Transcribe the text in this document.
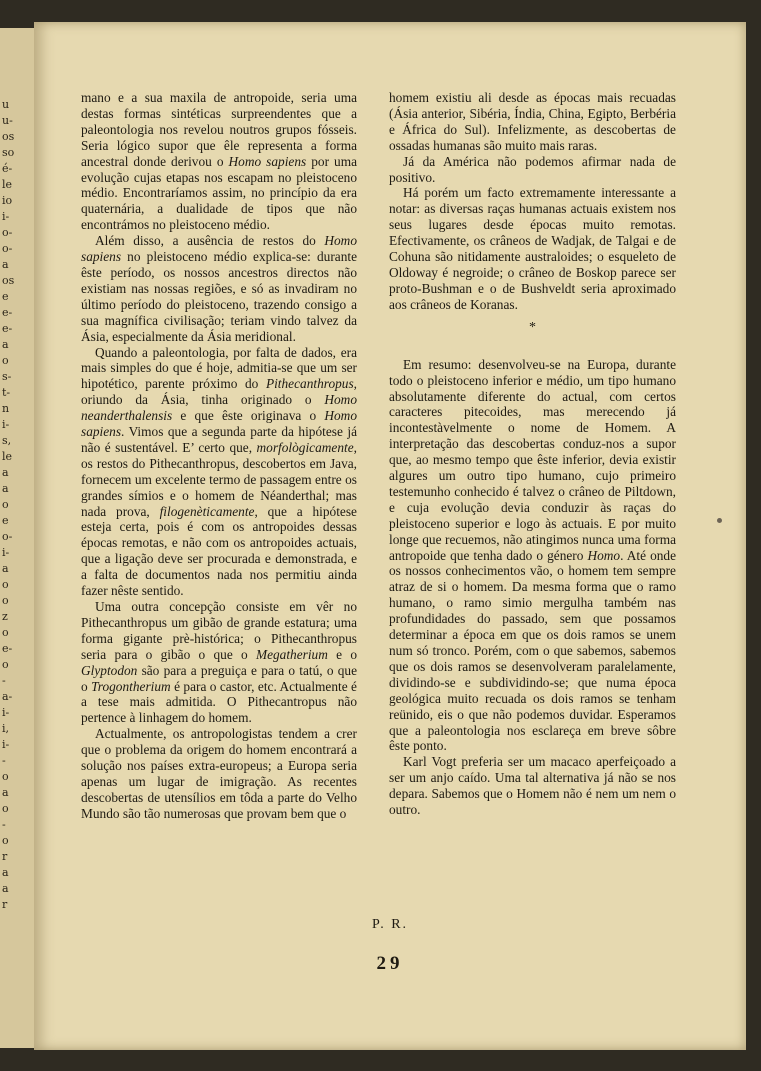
u
u-
os
so
é-
le
io
i-
o-
o-
a
os
e
e-
e-
a
o
s-
t-
n
i-
s,
le
a
a
o
e
o-
i-
a
o
o
z
o
e-
o
-
a-
i-
i,
i-
-
o
a
o
-
o
r
a
a
r

mano e a sua maxila de antropoide, seria uma destas formas sintéticas surpreendentes que a paleontologia nos revelou noutros grupos fósseis. Seria lógico supor que êle representa a forma ancestral donde derivou o Homo sapiens por uma evolução cujas etapas nos escapam no pleistoceno médio. Encontraríamos assim, no princípio da era quaternária, a dualidade de tipos que não encontrámos no pleistoceno médio.

Além disso, a ausência de restos do Homo sapiens no pleistoceno médio explica-se: durante êste período, os nossos ancestros directos não existiam nas nossas regiões, e só as invadiram no último período do pleistoceno, trazendo consigo a sua magnífica civilisação; teriam vindo talvez da Ásia, especialmente da Ásia meridional.

Quando a paleontologia, por falta de dados, era mais simples do que é hoje, admitia-se que um ser hipotético, parente próximo do Pithecanthropus, oriundo da Ásia, tinha originado o Homo neanderthalensis e que êste originava o Homo sapiens. Vimos que a segunda parte da hipótese já não é sustentável. E’ certo que, morfològicamente, os restos do Pithecanthropus, descobertos em Java, fornecem um excelente termo de passagem entre os grandes símios e o homem de Néanderthal; mas nada prova, filogenèticamente, que a hipótese esteja certa, pois é com os antropoides dessas épocas remotas, e não com os antropoides actuais, que a ligação deve ser procurada e demonstrada, e a falta de documentos nada nos permitiu ainda fazer nêste sentido.

Uma outra concepção consiste em vêr no Pithecanthropus um gibão de grande estatura; uma forma gigante prè-histórica; o Pithecanthropus seria para o gibão o que o Megatherium e o Glyptodon são para a preguiça e para o tatú, o que o Trogontherium é para o castor, etc. Actualmente é a tese mais admitida. O Pithecantropus não pertence à linhagem do homem.

Actualmente, os antropologistas tendem a crer que o problema da origem do homem encontrará a solução nos países extra-europeus; a Europa seria apenas um lugar de imigração. As recentes descobertas de utensílios em tôda a parte do Velho Mundo são tão numerosas que provam bem que o

homem existiu ali desde as épocas mais recuadas (Ásia anterior, Sibéria, Índia, China, Egipto, Berbéria e África do Sul). Infelizmente, as descobertas de ossadas humanas são muito mais raras.

Já da América não podemos afirmar nada de positivo.

Há porém um facto extremamente interessante a notar: as diversas raças humanas actuais existem nos seus lugares desde épocas muito remotas. Efectivamente, os crâneos de Wadjak, de Talgai e de Cohuna são nitidamente australoides; o esqueleto de Oldoway é negroide; o crâneo de Boskop parece ser proto-Bushman e o de Bushveldt seria aproximado aos crâneos de Koranas.

*

Em resumo: desenvolveu-se na Europa, durante todo o pleistoceno inferior e médio, um tipo humano absolutamente diferente do actual, com certos caracteres pitecoides, mas merecendo já incontestàvelmente o nome de Homem. A interpretação das descobertas conduz-nos a supor que, ao mesmo tempo que êste inferior, devia existir algures um outro tipo humano, cujo primeiro testemunho conhecido é talvez o crâneo de Piltdown, e cuja evolução devia conduzir às raças do pleistoceno superior e logo às actuais. E por muito longe que recuemos, não atingimos nunca uma forma antropoide que tenha dado o género Homo. Até onde os nossos conhecimentos vão, o homem tem sempre atraz de si o homem. Da mesma forma que o ramo humano, o ramo simio mergulha também nas profundidades do passado, sem que possamos determinar a época em que os dois ramos se unem num só tronco. Porém, com o que sabemos, sabemos que os dois ramos se desenvolveram paralelamente, dividindo-se e subdividindo-se; que numa época geológica muito recuada os dois ramos se tenham reünido, eis o que não podemos duvidar. Esperamos que a paleontologia nos esclareça em breve sôbre êste ponto.

Karl Vogt preferia ser um macaco aperfeiçoado a ser um anjo caído. Uma tal alternativa já não se nos depara. Sabemos que o Homem não é nem um nem o outro.

P. R.
29
